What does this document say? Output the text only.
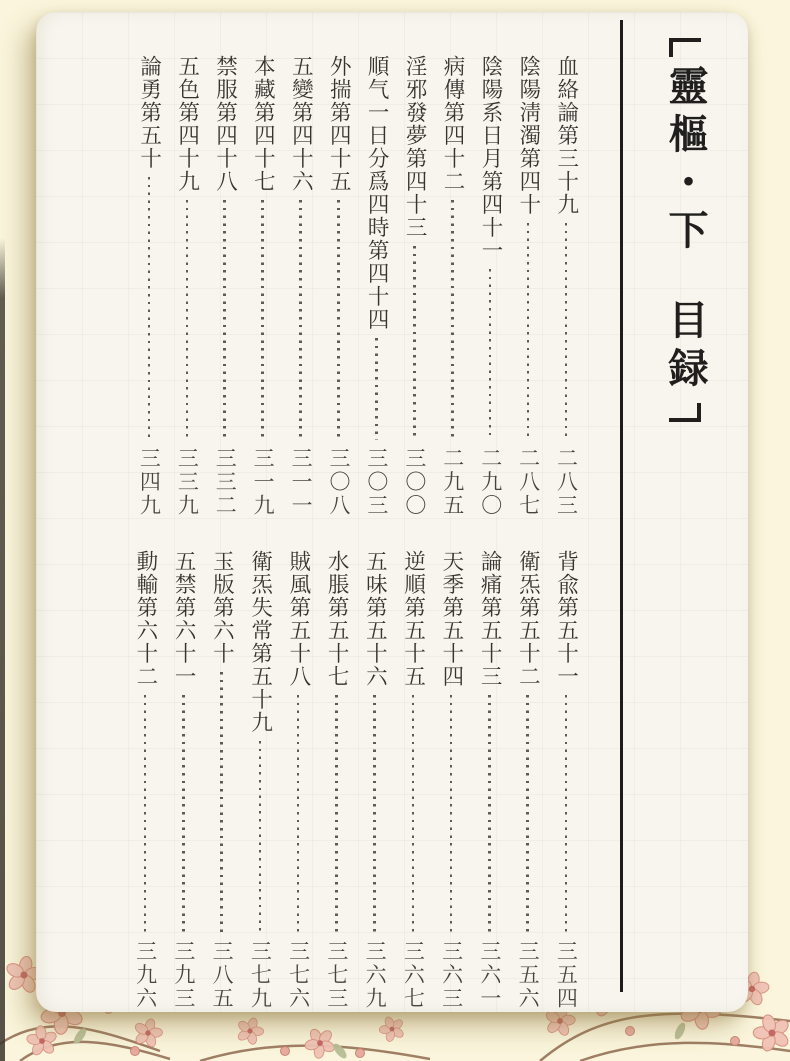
靈樞・下
目録
血絡論第三十九
二八三
陰陽淸濁第四十
二八七
陰陽系日月第四十一
二九〇
病傳第四十二
二九五
淫邪發夢第四十三
三〇〇
順气一日分爲四時第四十四
三〇三
外揣第四十五
三〇八
五變第四十六
三一一
本藏第四十七
三一九
禁服第四十八
三三二
五色第四十九
三三九
論勇第五十
三四九
背兪第五十一
三五四
衛炁第五十二
三五六
論痛第五十三
三六一
天季第五十四
三六三
逆順第五十五
三六七
五味第五十六
三六九
水脹第五十七
三七三
賊風第五十八
三七六
衛炁失常第五十九
三七九
玉版第六十
三八五
五禁第六十一
三九三
動輸第六十二
三九六
